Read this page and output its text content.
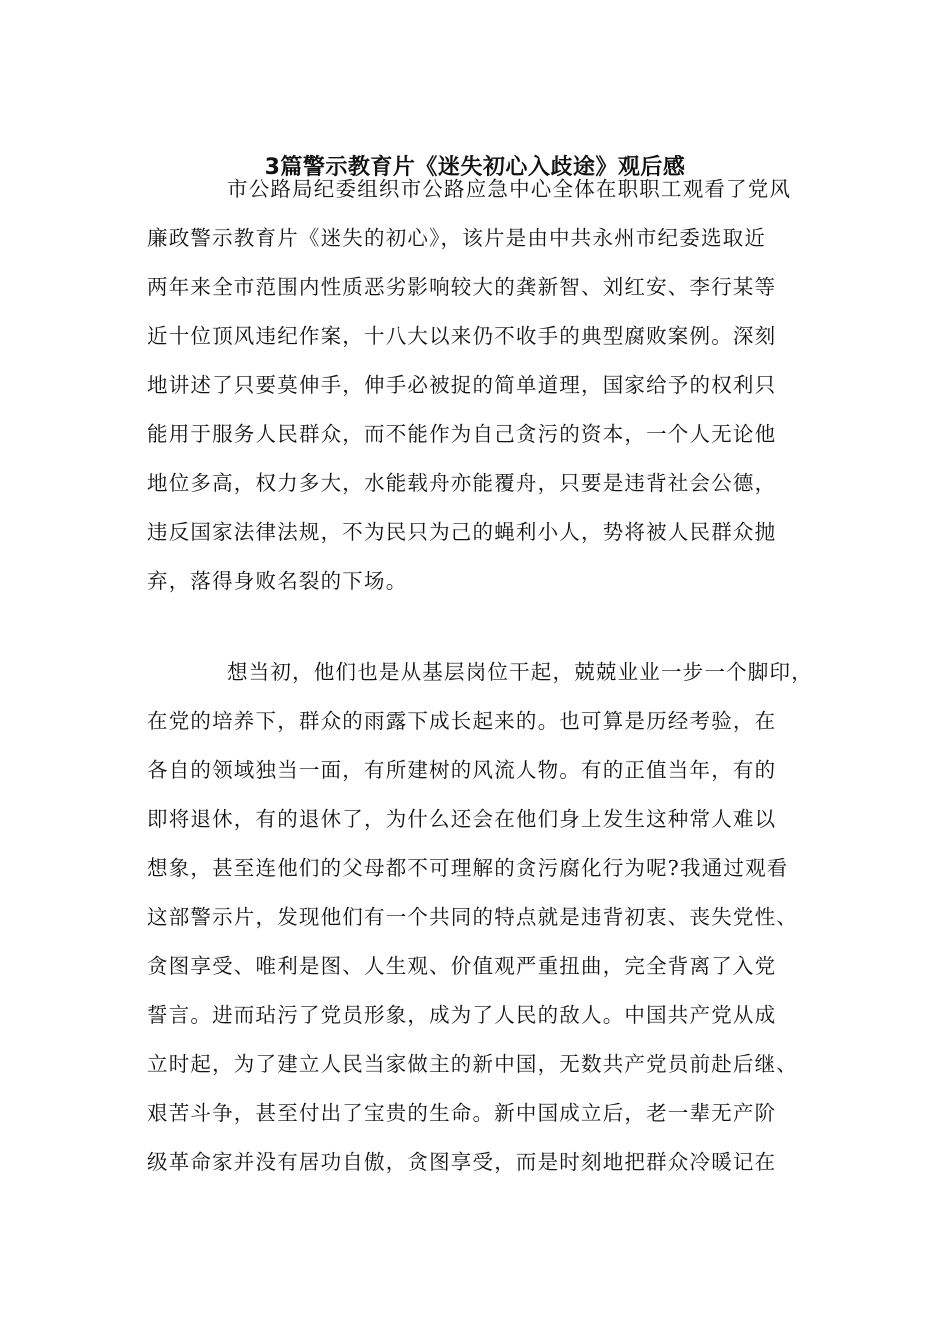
3篇警示教育片《迷失初心入歧途》观后感
市公路局纪委组织市公路应急中心全体在职职工观看了党风
廉政警示教育片《迷失的初心》，该片是由中共永州市纪委选取近
两年来全市范围内性质恶劣影响较大的龚新智、刘红安、李行某等
近十位顶风违纪作案，十八大以来仍不收手的典型腐败案例。深刻
地讲述了只要莫伸手，伸手必被捉的简单道理，国家给予的权利只
能用于服务人民群众，而不能作为自己贪污的资本，一个人无论他
地位多高，权力多大，水能载舟亦能覆舟，只要是违背社会公德，
违反国家法律法规，不为民只为己的蝇利小人，势将被人民群众抛
弃，落得身败名裂的下场。
想当初，他们也是从基层岗位干起，兢兢业业一步一个脚印，
在党的培养下，群众的雨露下成长起来的。也可算是历经考验，在
各自的领域独当一面，有所建树的风流人物。有的正值当年，有的
即将退休，有的退休了，为什么还会在他们身上发生这种常人难以
想象，甚至连他们的父母都不可理解的贪污腐化行为呢?我通过观看
这部警示片，发现他们有一个共同的特点就是违背初衷、丧失党性、
贪图享受、唯利是图、人生观、价值观严重扭曲，完全背离了入党
誓言。进而玷污了党员形象，成为了人民的敌人。中国共产党从成
立时起，为了建立人民当家做主的新中国，无数共产党员前赴后继、
艰苦斗争，甚至付出了宝贵的生命。新中国成立后，老一辈无产阶
级革命家并没有居功自傲，贪图享受，而是时刻地把群众冷暖记在
